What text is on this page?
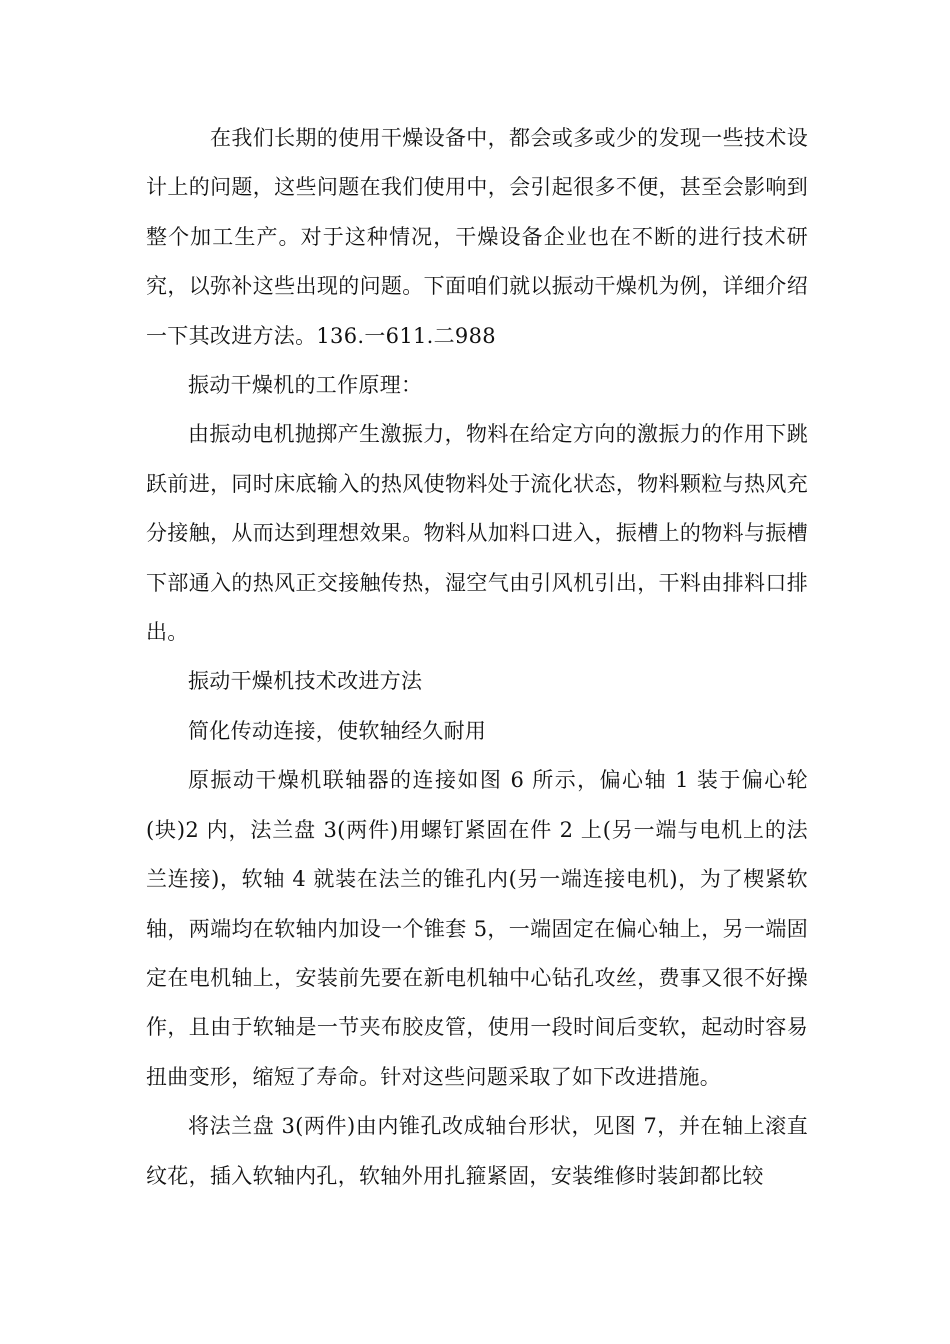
在我们长期的使用干燥设备中，都会或多或少的发现一些技术设计上的问题，这些问题在我们使用中，会引起很多不便，甚至会影响到整个加工生产。对于这种情况，干燥设备企业也在不断的进行技术研究，以弥补这些出现的问题。下面咱们就以振动干燥机为例，详细介绍一下其改进方法。136.一611.二988

振动干燥机的工作原理：

由振动电机抛掷产生激振力，物料在给定方向的激振力的作用下跳跃前进，同时床底输入的热风使物料处于流化状态，物料颗粒与热风充分接触，从而达到理想效果。物料从加料口进入，振槽上的物料与振槽下部通入的热风正交接触传热，湿空气由引风机引出，干料由排料口排出。

振动干燥机技术改进方法

简化传动连接，使软轴经久耐用

原振动干燥机联轴器的连接如图 6 所示，偏心轴 1 装于偏心轮(块)2 内，法兰盘 3(两件)用螺钉紧固在件 2 上(另一端与电机上的法兰连接)，软轴 4 就装在法兰的锥孔内(另一端连接电机)，为了楔紧软轴，两端均在软轴内加设一个锥套 5，一端固定在偏心轴上，另一端固定在电机轴上，安装前先要在新电机轴中心钻孔攻丝，费事又很不好操作，且由于软轴是一节夹布胶皮管，使用一段时间后变软，起动时容易扭曲变形，缩短了寿命。针对这些问题采取了如下改进措施。

将法兰盘 3(两件)由内锥孔改成轴台形状，见图 7，并在轴上滚直纹花，插入软轴内孔，软轴外用扎箍紧固，安装维修时装卸都比较
